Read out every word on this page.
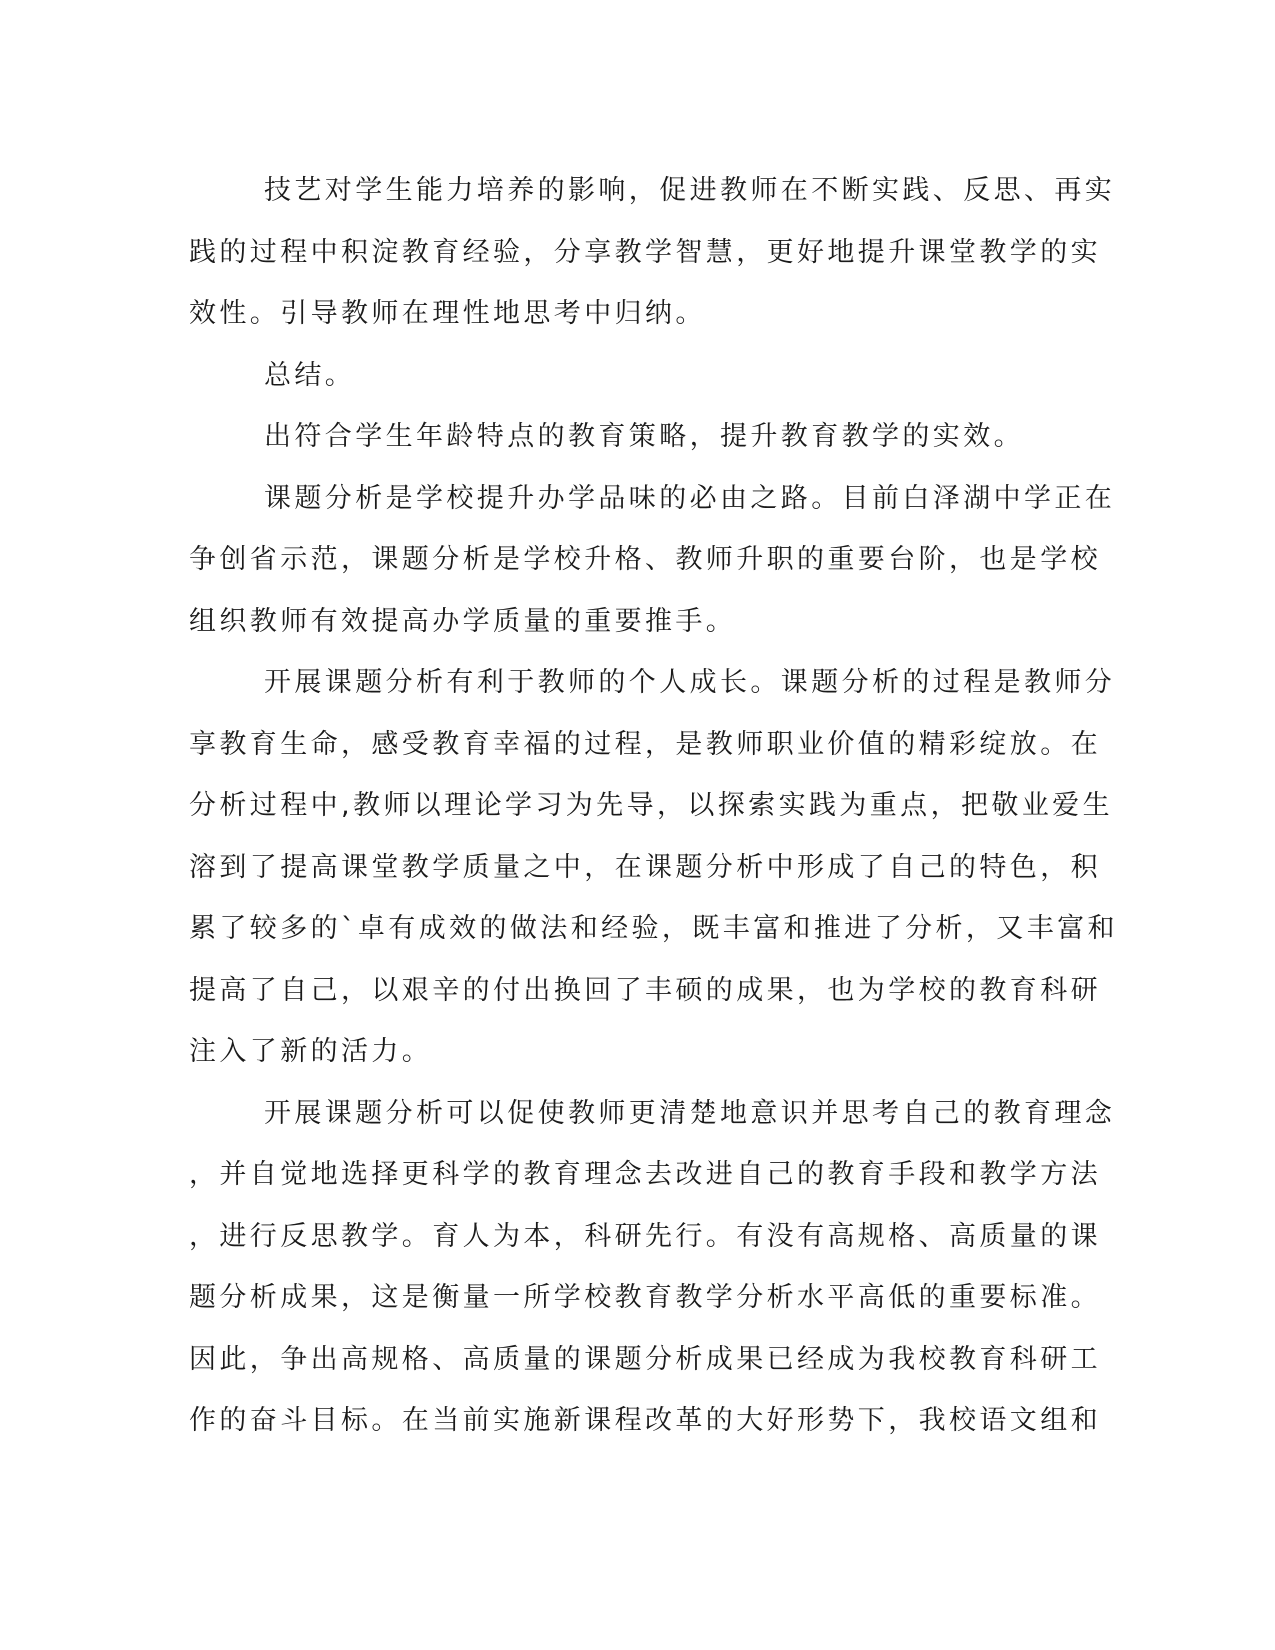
技艺对学生能力培养的影响，促进教师在不断实践、反思、再实
践的过程中积淀教育经验，分享教学智慧，更好地提升课堂教学的实
效性。引导教师在理性地思考中归纳。
总结。
出符合学生年龄特点的教育策略，提升教育教学的实效。
课题分析是学校提升办学品味的必由之路。目前白泽湖中学正在
争创省示范，课题分析是学校升格、教师升职的重要台阶，也是学校
组织教师有效提高办学质量的重要推手。
开展课题分析有利于教师的个人成长。课题分析的过程是教师分
享教育生命，感受教育幸福的过程，是教师职业价值的精彩绽放。在
分析过程中,教师以理论学习为先导，以探索实践为重点，把敬业爱生
溶到了提高课堂教学质量之中，在课题分析中形成了自己的特色，积
累了较多的`卓有成效的做法和经验，既丰富和推进了分析，又丰富和
提高了自己，以艰辛的付出换回了丰硕的成果，也为学校的教育科研
注入了新的活力。
开展课题分析可以促使教师更清楚地意识并思考自己的教育理念
，并自觉地选择更科学的教育理念去改进自己的教育手段和教学方法
，进行反思教学。育人为本，科研先行。有没有高规格、高质量的课
题分析成果，这是衡量一所学校教育教学分析水平高低的重要标准。
因此，争出高规格、高质量的课题分析成果已经成为我校教育科研工
作的奋斗目标。在当前实施新课程改革的大好形势下，我校语文组和
